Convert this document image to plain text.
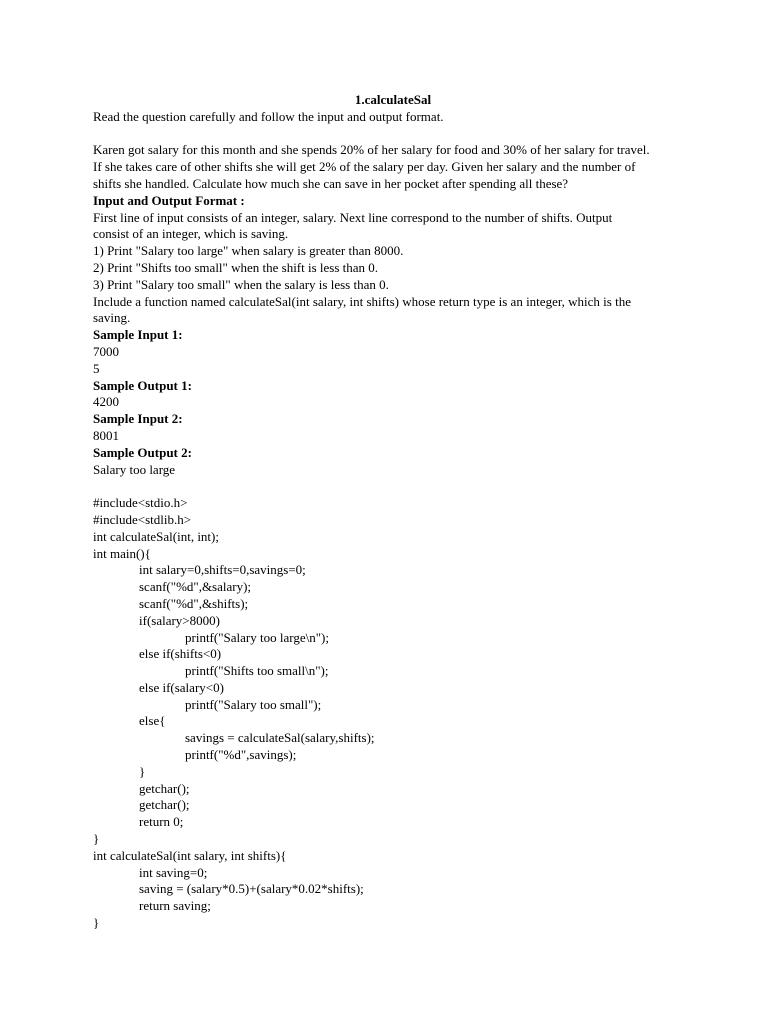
1.calculateSal
Read the question carefully and follow the input and output format.
Karen got salary for this month and she spends 20% of her salary for food and 30% of her salary for travel.
If she takes care of other shifts she will get 2% of the salary per day. Given her salary and the number of
shifts she handled. Calculate how much she can save in her pocket after spending all these?
Input and Output Format :
First line of input consists of an integer, salary. Next line correspond to the number of shifts. Output
consist of an integer, which is saving.
1) Print "Salary too large" when salary is greater than 8000.
2) Print "Shifts too small" when the shift is less than 0.
3) Print "Salary too small" when the salary is less than 0.
Include a function named calculateSal(int salary, int shifts) whose return type is an integer, which is the
saving.
Sample Input 1:
7000
5
Sample Output 1:
4200
Sample Input 2:
8001
Sample Output 2:
Salary too large
#include<stdio.h>
#include<stdlib.h>
int calculateSal(int, int);
int main(){
int salary=0,shifts=0,savings=0;
scanf("%d",&salary);
scanf("%d",&shifts);
if(salary>8000)
printf("Salary too large\n");
else if(shifts<0)
printf("Shifts too small\n");
else if(salary<0)
printf("Salary too small");
else{
savings = calculateSal(salary,shifts);
printf("%d",savings);
}
getchar();
getchar();
return 0;
}
int calculateSal(int salary, int shifts){
int saving=0;
saving = (salary*0.5)+(salary*0.02*shifts);
return saving;
}
